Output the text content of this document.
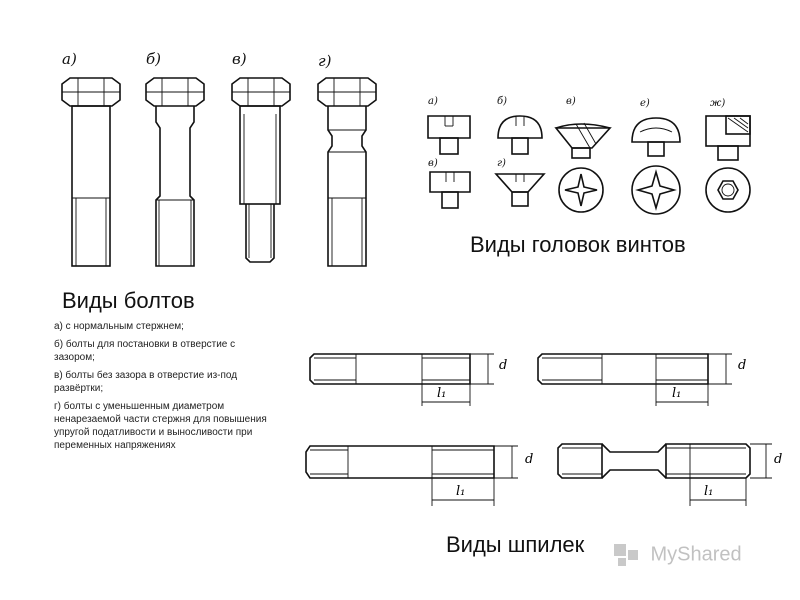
а)	б)	в)	г)
Виды болтов

а) с нормальным стержнем;

б) болты для постановки в отверстие с зазором;

в) болты без зазора в отверстие из-под развёртки;

г) болты с уменьшенным диаметром ненарезаемой части стержня для повышения упругой податливости и выносливости при переменных напряжениях

а)	б)	в)	е)	ж)
в)	г)
Виды головок винтов
d
l₁
d
l₁
d
l₁
d
l₁
Виды шпилек	MyShared
